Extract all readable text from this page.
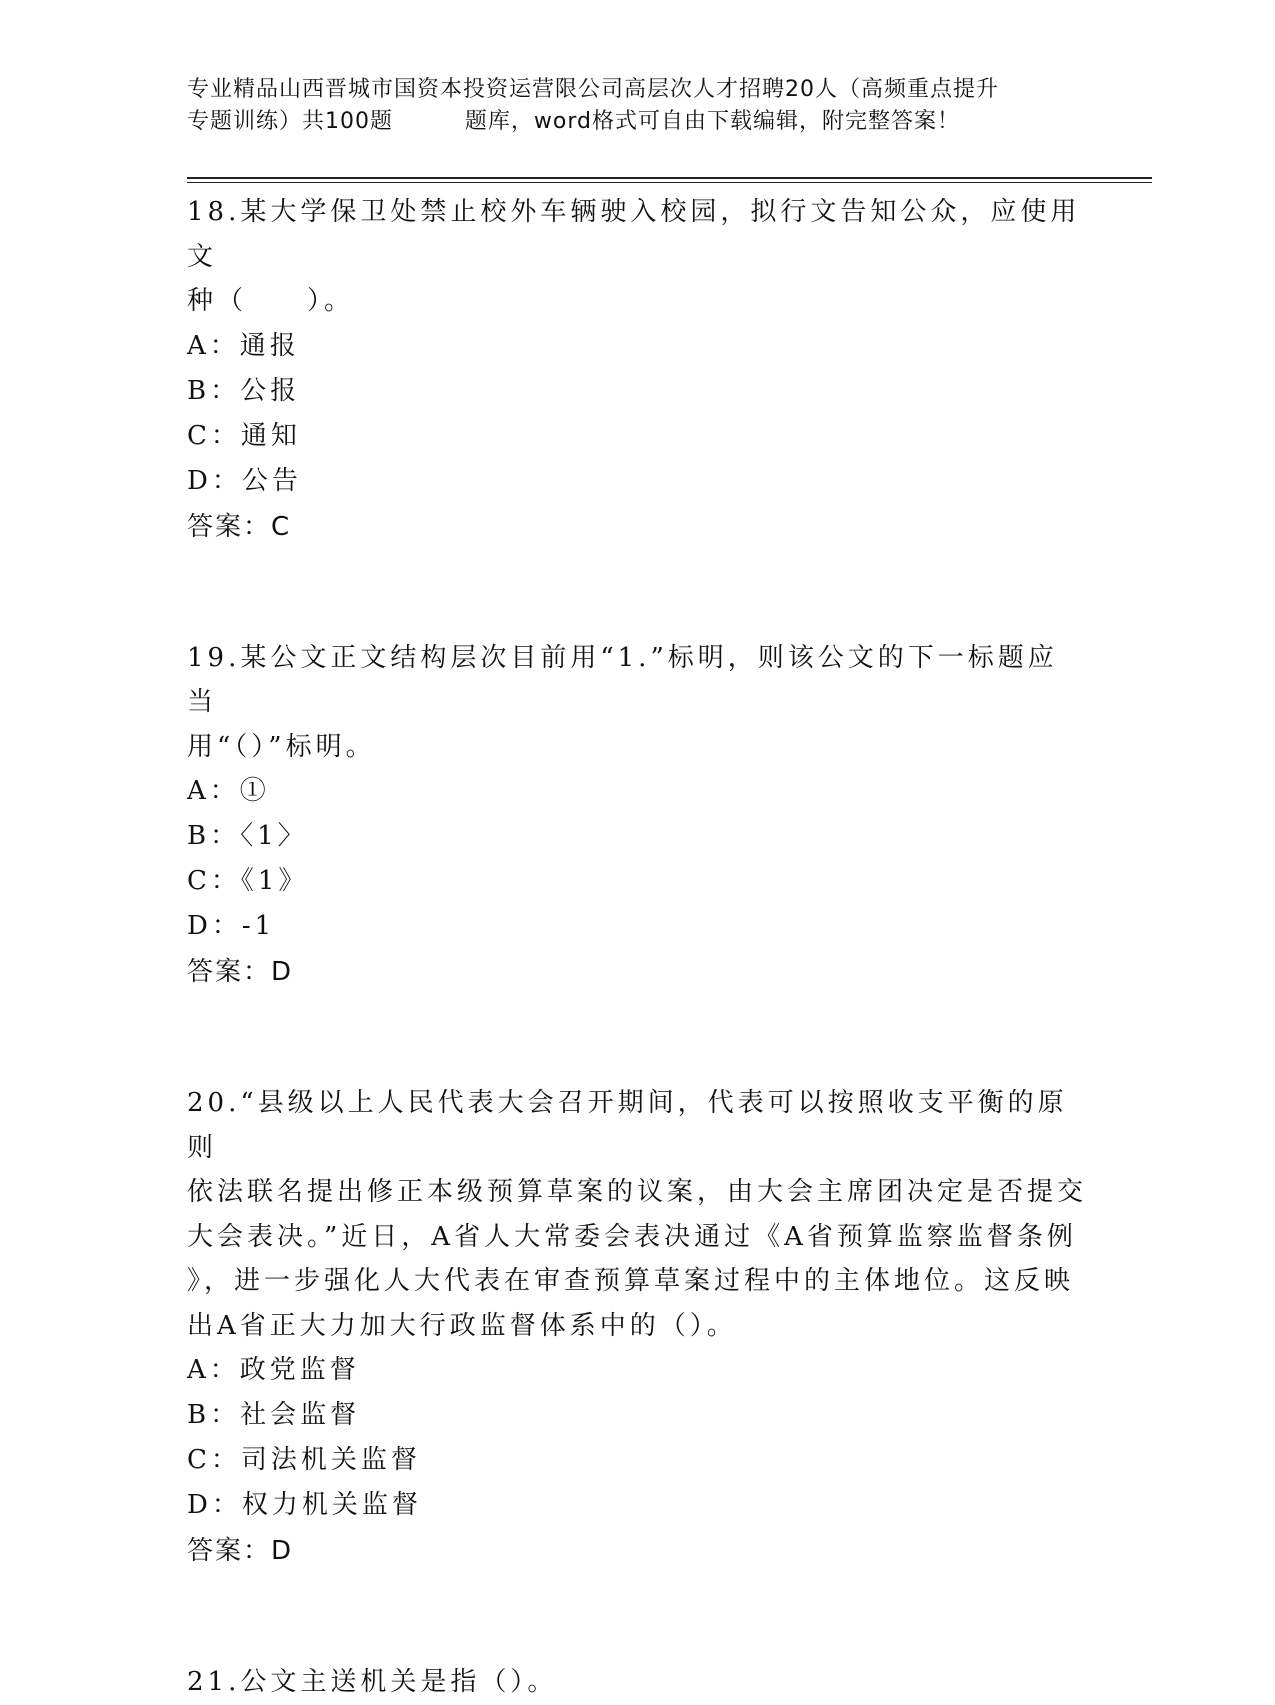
专业精品山西晋城市国资本投资运营限公司高层次人才招聘20人（高频重点提升
专题训练）共100题         题库，word格式可自由下载编辑，附完整答案！
18.某大学保卫处禁止校外车辆驶入校园，拟行文告知公众，应使用文
种（　　）。
A：通报
B：公报
C：通知
D：公告
答案：C
19.某公文正文结构层次目前用“1.”标明，则该公文的下一标题应当
用“（）”标明。
A：①
B：〈1〉
C：《1》
D：-1
答案：D
20.“县级以上人民代表大会召开期间，代表可以按照收支平衡的原则
依法联名提出修正本级预算草案的议案，由大会主席团决定是否提交
大会表决。”近日，A省人大常委会表决通过《A省预算监察监督条例
》，进一步强化人大代表在审查预算草案过程中的主体地位。这反映
出A省正大力加大行政监督体系中的（）。
A：政党监督
B：社会监督
C：司法机关监督
D：权力机关监督
答案：D
21.公文主送机关是指（）。
